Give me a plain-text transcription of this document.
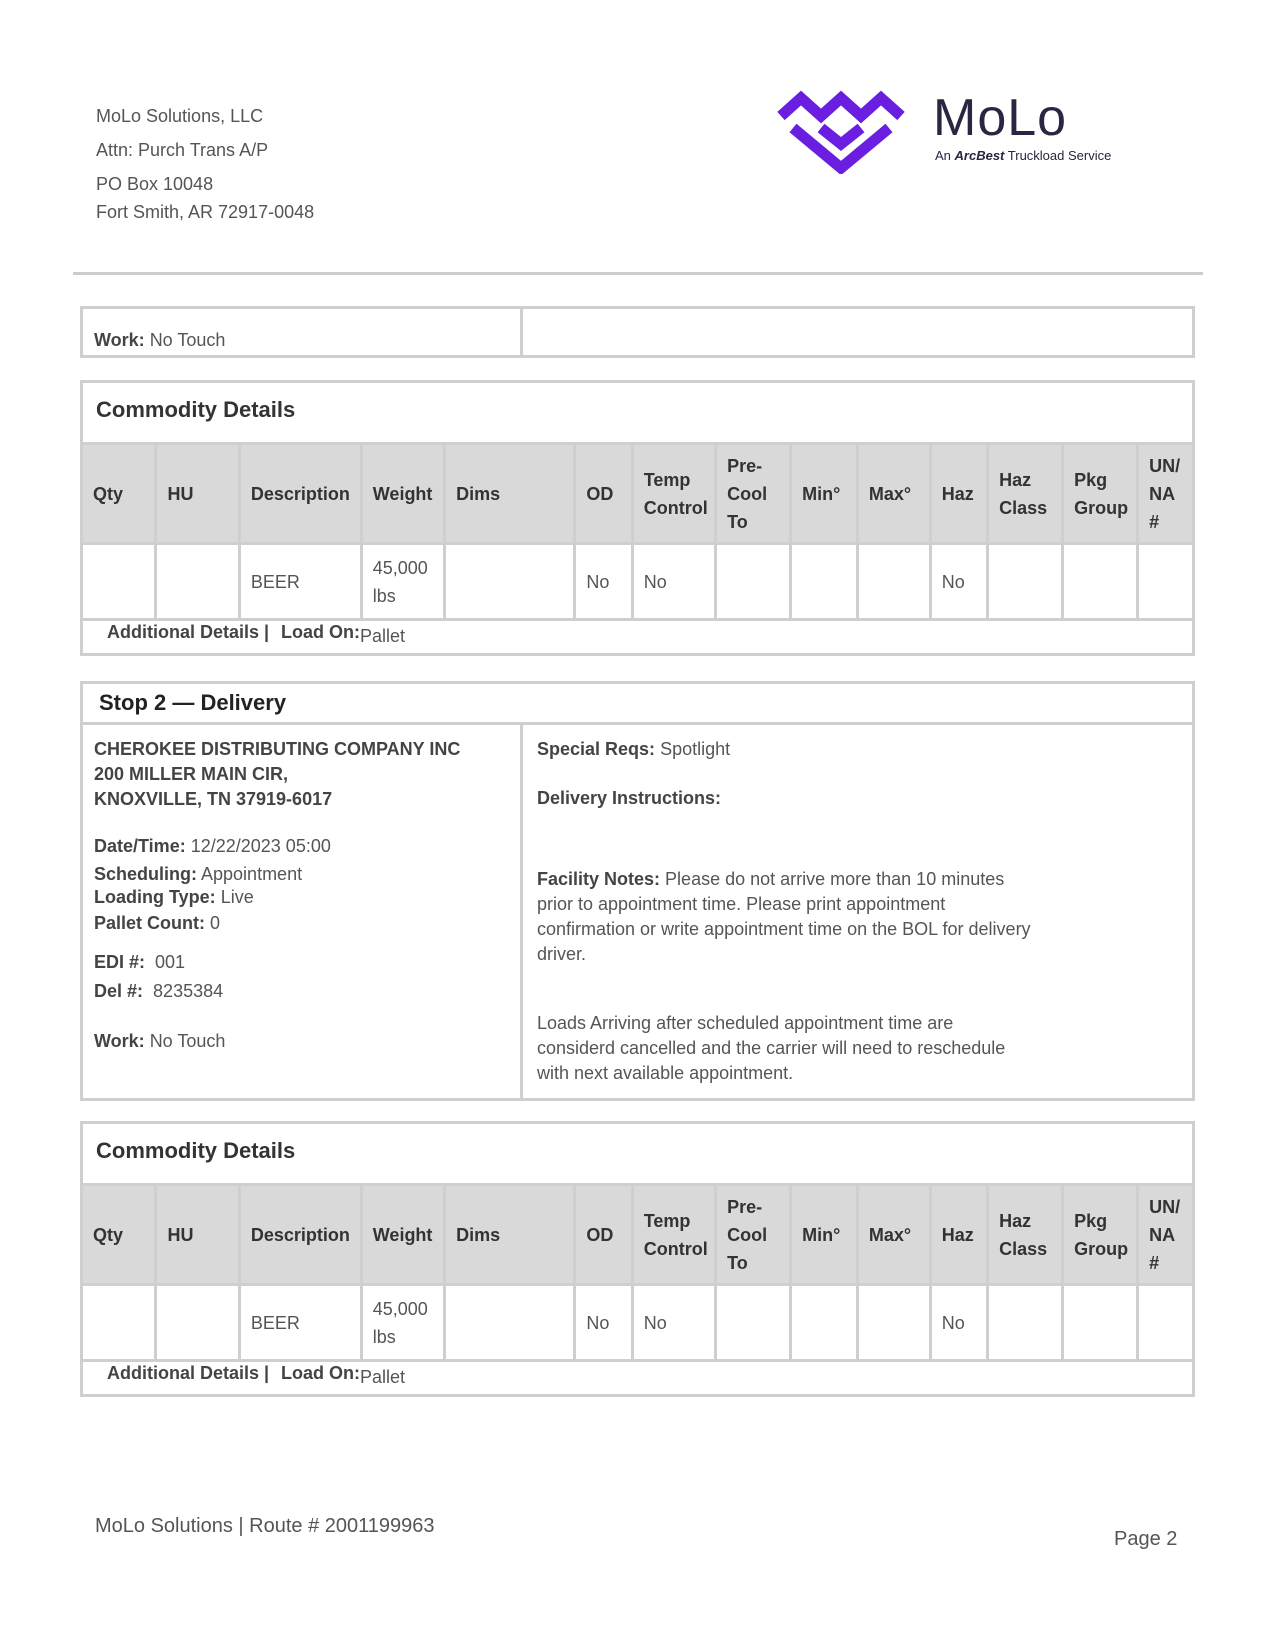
MoLo Solutions, LLC
Attn: Purch Trans A/P
PO Box 10048
Fort Smith, AR 72917-0048
MoLo
An ArcBest Truckload Service
Work: No Touch
Commodity Details
Qty	HU	Description	Weight	Dims	OD	Temp Control	Pre-Cool To	Min°	Max°	Haz	Haz Class	Pkg Group	UN/ NA #
		BEER	45,000 lbs		No	No				No			
Additional Details | Load On: Pallet
Stop 2 — Delivery
CHEROKEE DISTRIBUTING COMPANY INC
200 MILLER MAIN CIR,
KNOXVILLE, TN 37919-6017
Date/Time: 12/22/2023 05:00
Scheduling: Appointment
Loading Type: Live
Pallet Count: 0
EDI #: 001
Del #: 8235384
Work: No Touch
Special Reqs: Spotlight
Delivery Instructions:
Facility Notes: Please do not arrive more than 10 minutes prior to appointment time. Please print appointment confirmation or write appointment time on the BOL for delivery driver.
Loads Arriving after scheduled appointment time are considerd cancelled and the carrier will need to reschedule with next available appointment.
Commodity Details
Qty	HU	Description	Weight	Dims	OD	Temp Control	Pre-Cool To	Min°	Max°	Haz	Haz Class	Pkg Group	UN/ NA #
		BEER	45,000 lbs		No	No				No			
Additional Details | Load On: Pallet
MoLo Solutions | Route # 2001199963
Page 2
